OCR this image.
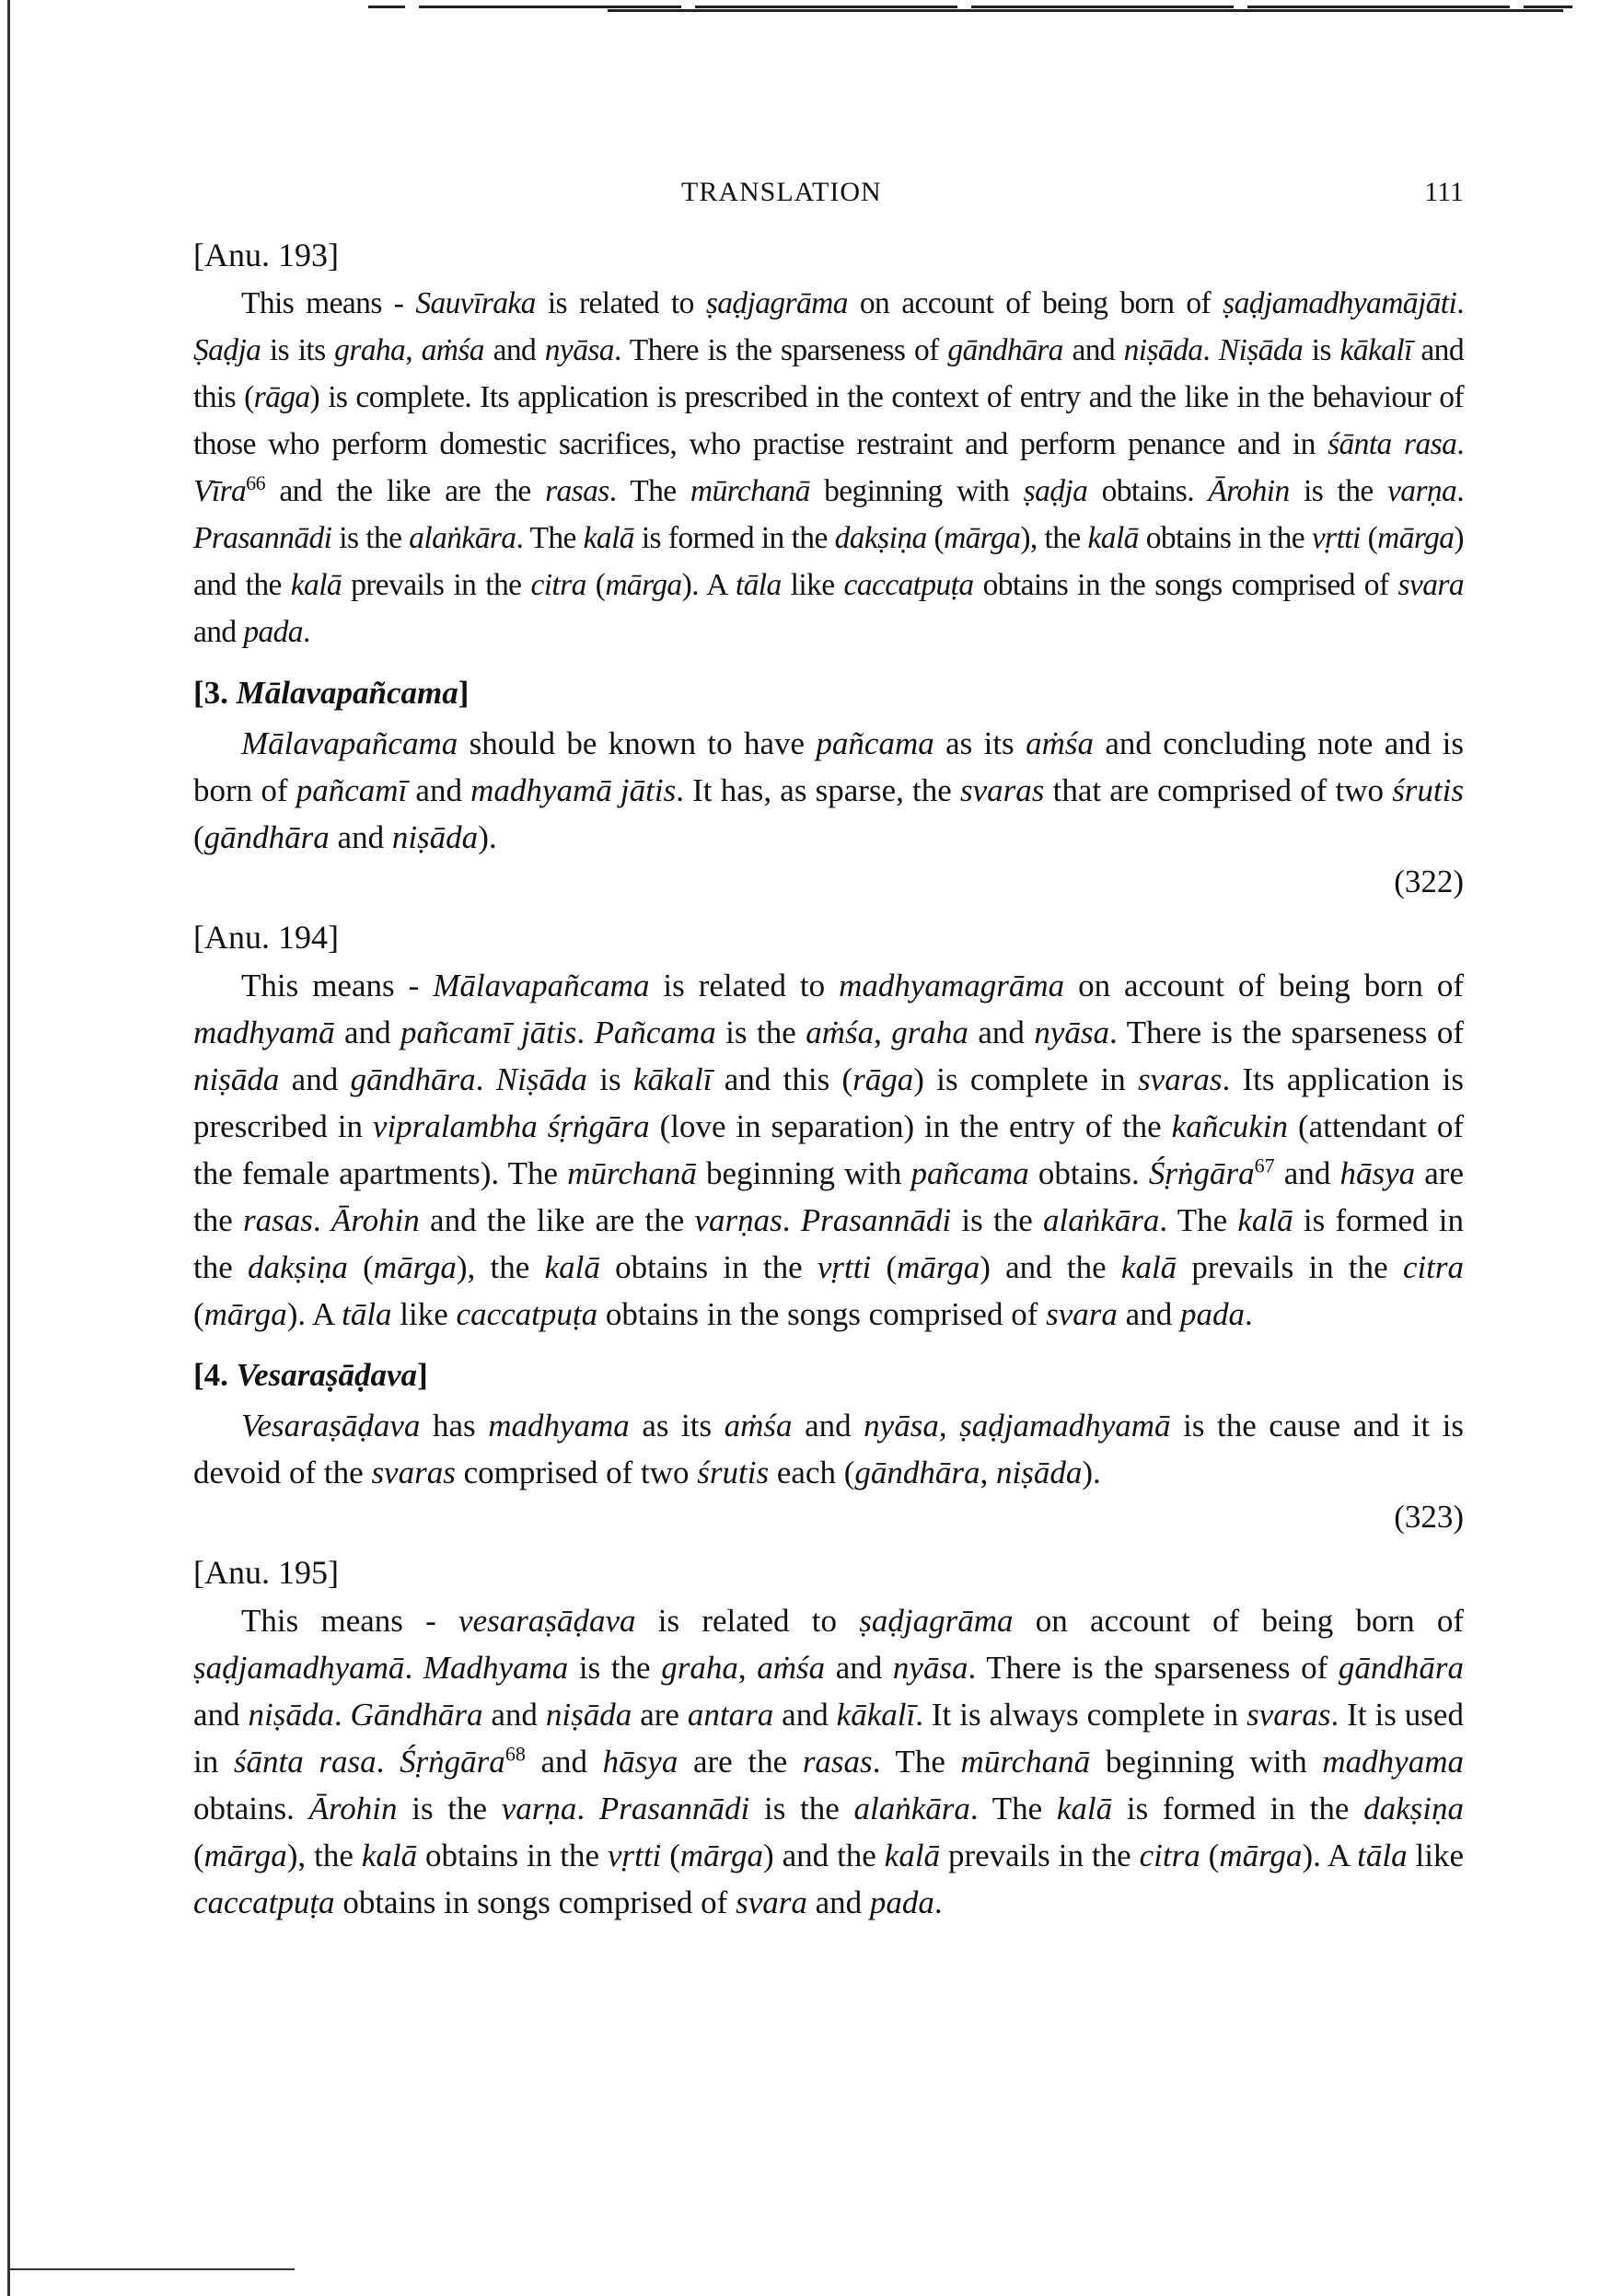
TRANSLATION	111
[Anu. 193]

This means - Sauvīraka is related to ṣaḍjagrāma on account of being born of ṣaḍjamadhyamājāti. Ṣaḍja is its graha, aṁśa and nyāsa. There is the sparseness of gāndhāra and niṣāda. Niṣāda is kākalī and this (rāga) is complete. Its application is prescribed in the context of entry and the like in the behaviour of those who perform domestic sacrifices, who practise restraint and perform penance and in śānta rasa. Vīra$^{66}$ and the like are the rasas. The mūrchanā beginning with ṣaḍja obtains. Ārohin is the varṇa. Prasannādi is the alaṅkāra. The kalā is formed in the dakṣiṇa (mārga), the kalā obtains in the vṛtti (mārga) and the kalā prevails in the citra (mārga). A tāla like caccatpuṭa obtains in the songs comprised of svara and pada.

[3. Mālavapañcama]

Mālavapañcama should be known to have pañcama as its aṁśa and concluding note and is born of pañcamī and madhyamā jātis. It has, as sparse, the svaras that are comprised of two śrutis (gāndhāra and niṣāda).

(322)

[Anu. 194]

This means - Mālavapañcama is related to madhyamagrāma on account of being born of madhyamā and pañcamī jātis. Pañcama is the aṁśa, graha and nyāsa. There is the sparseness of niṣāda and gāndhāra. Niṣāda is kākalī and this (rāga) is complete in svaras. Its application is prescribed in vipralambha śṛṅgāra (love in separation) in the entry of the kañcukin (attendant of the female apartments). The mūrchanā beginning with pañcama obtains. Śṛṅgāra$^{67}$ and hāsya are the rasas. Ārohin and the like are the varṇas. Prasannādi is the alaṅkāra. The kalā is formed in the dakṣiṇa (mārga), the kalā obtains in the vṛtti (mārga) and the kalā prevails in the citra (mārga). A tāla like caccatpuṭa obtains in the songs comprised of svara and pada.

[4. Vesaraṣāḍava]

Vesaraṣāḍava has madhyama as its aṁśa and nyāsa, ṣaḍjamadhyamā is the cause and it is devoid of the svaras comprised of two śrutis each (gāndhāra, niṣāda).

(323)

[Anu. 195]

This means - vesaraṣāḍava is related to ṣaḍjagrāma on account of being born of ṣaḍjamadhyamā. Madhyama is the graha, aṁśa and nyāsa. There is the sparseness of gāndhāra and niṣāda. Gāndhāra and niṣāda are antara and kākalī. It is always complete in svaras. It is used in śānta rasa. Śṛṅgāra$^{68}$ and hāsya are the rasas. The mūrchanā beginning with madhyama obtains. Ārohin is the varṇa. Prasannādi is the alaṅkāra. The kalā is formed in the dakṣiṇa (mārga), the kalā obtains in the vṛtti (mārga) and the kalā prevails in the citra (mārga). A tāla like caccatpuṭa obtains in songs comprised of svara and pada.
